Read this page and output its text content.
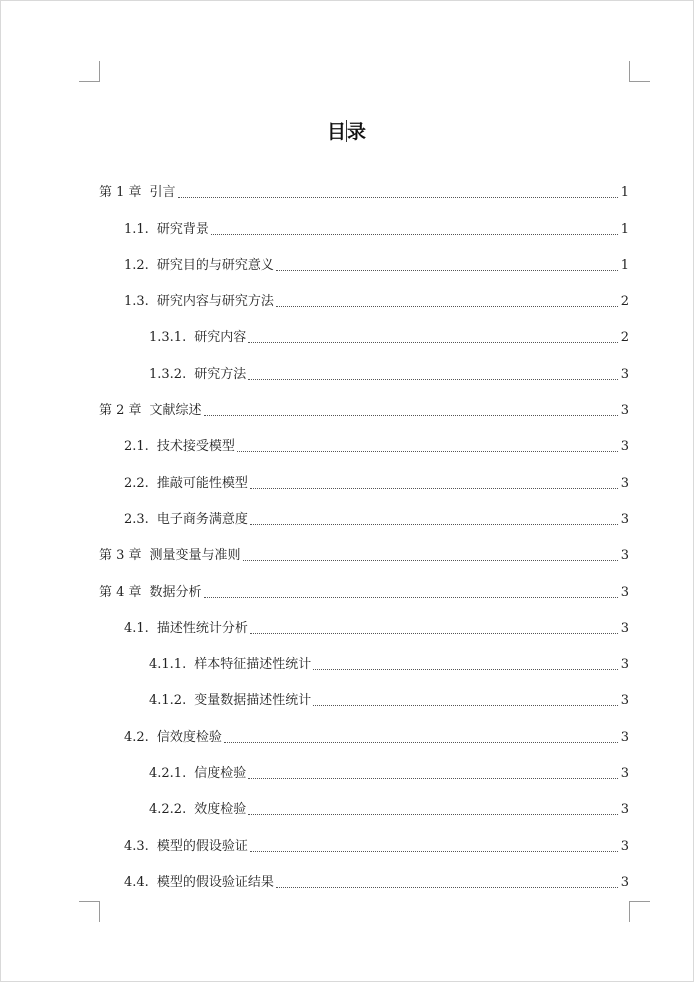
目录
第 1 章 引言	1
1.1. 研究背景	1
1.2. 研究目的与研究意义	1
1.3. 研究内容与研究方法	2
1.3.1. 研究内容	2
1.3.2. 研究方法	3
第 2 章 文献综述	3
2.1. 技术接受模型	3
2.2. 推敲可能性模型	3
2.3. 电子商务满意度	3
第 3 章 测量变量与准则	3
第 4 章 数据分析	3
4.1. 描述性统计分析	3
4.1.1. 样本特征描述性统计	3
4.1.2. 变量数据描述性统计	3
4.2. 信效度检验	3
4.2.1. 信度检验	3
4.2.2. 效度检验	3
4.3. 模型的假设验证	3
4.4. 模型的假设验证结果	3
